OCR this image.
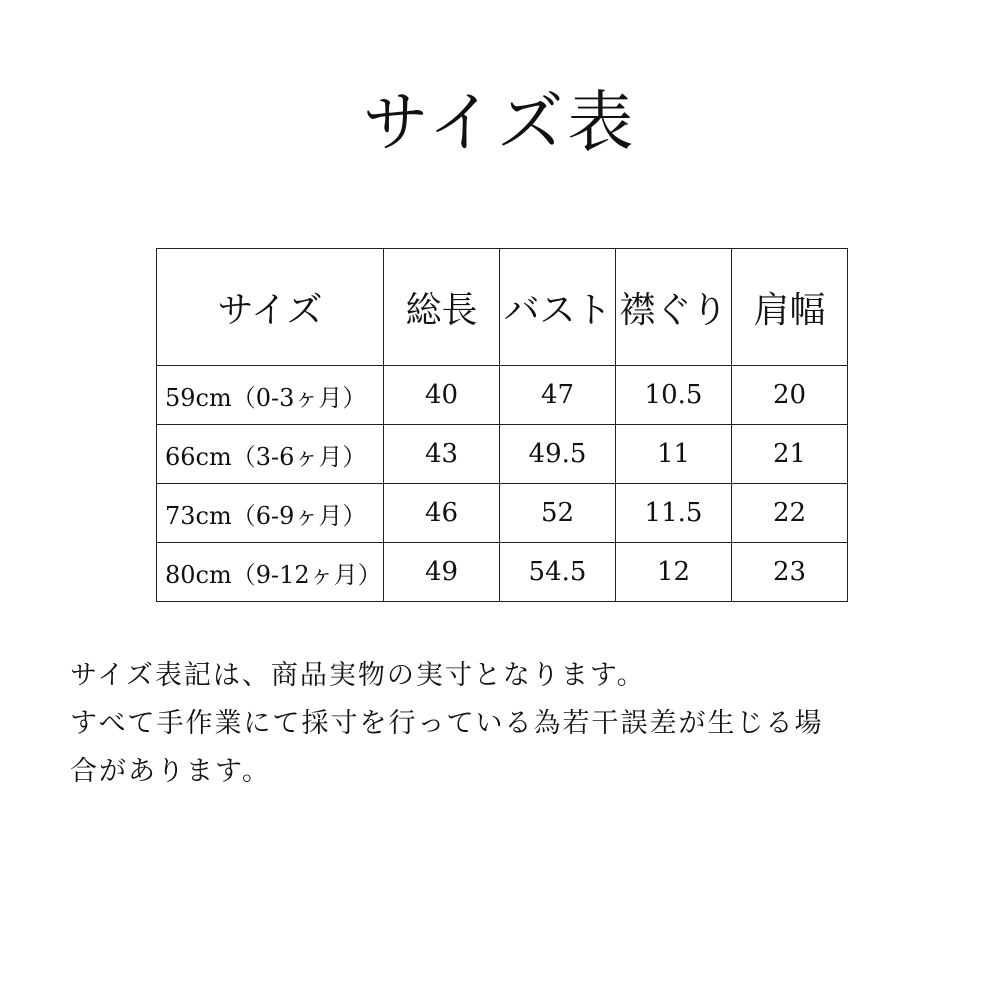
サイズ表
サイズ	総長	バスト	襟ぐり	肩幅
59cm（0-3ヶ月）	40	47	10.5	20
66cm（3-6ヶ月）	43	49.5	11	21
73cm（6-9ヶ月）	46	52	11.5	22
80cm（9-12ヶ月）	49	54.5	12	23

サイズ表記は、商品実物の実寸となります。
すべて手作業にて採寸を行っている為若干誤差が生じる場
合があります。
